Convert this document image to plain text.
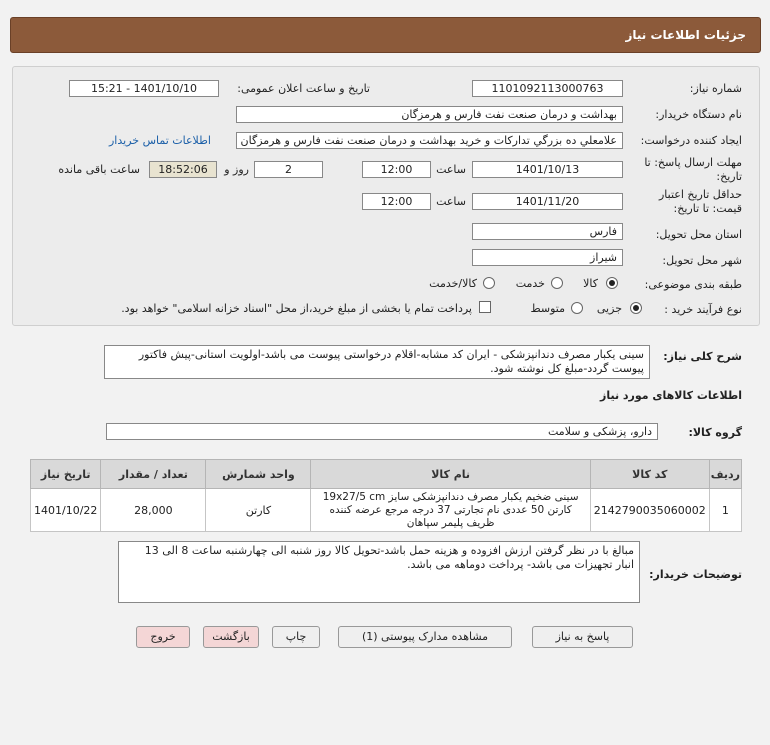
جزئیات اطلاعات نیاز
شماره نیاز:
1101092113000763
تاریخ و ساعت اعلان عمومی:
1401/10/10 - 15:21
نام دستگاه خریدار:
بهداشت و درمان صنعت نفت فارس و هرمزگان
ایجاد کننده درخواست:
علامعلي ده بزرگي تداركات و خريد بهداشت و درمان صنعت نفت فارس و هرمزگان
اطلاعات تماس خریدار
مهلت ارسال پاسخ: تا
تاریخ:
1401/10/13
ساعت
12:00
2
روز و
18:52:06
ساعت باقی مانده
حداقل تاریخ اعتبار
قیمت: تا تاریخ:
1401/11/20
ساعت
12:00
استان محل تحویل:
فارس
شهر محل تحویل:
شیراز
طبقه بندی موضوعی:
کالا
خدمت
کالا/خدمت
نوع فرآیند خرید :
جزیی
متوسط
پرداخت تمام یا بخشی از مبلغ خرید،از محل "اسناد خزانه اسلامی" خواهد بود.
شرح کلی نیاز:
سینی یکبار مصرف دندانپزشکی - ایران کد مشابه-اقلام درخواستی پیوست می باشد-اولویت استانی-پیش فاکتور پیوست گردد-مبلغ کل نوشته شود.
اطلاعات کالاهای مورد نیاز
گروه کالا:
دارو، پزشکی و سلامت
ردیف	کد کالا	نام کالا	واحد شمارش	تعداد / مقدار	تاریخ نیاز
1	2142790035060002	سینی ضخیم یکبار مصرف دندانپزشکی سایز 19x27/5 cm کارتن 50 عددی نام تجارتی 37 درجه مرجع عرضه کننده ظریف پلیمر سپاهان	کارتن	28,000	1401/10/22
توضیحات خریدار:
مبالغ با در نظر گرفتن ارزش افزوده و هزینه حمل باشد-تحویل کالا روز شنبه الی چهارشنبه ساعت 8 الی 13 انبار تجهیزات می باشد- پرداخت دوماهه می باشد.
پاسخ به نیاز
مشاهده مدارک پیوستی (1)
چاپ
بازگشت
خروج
